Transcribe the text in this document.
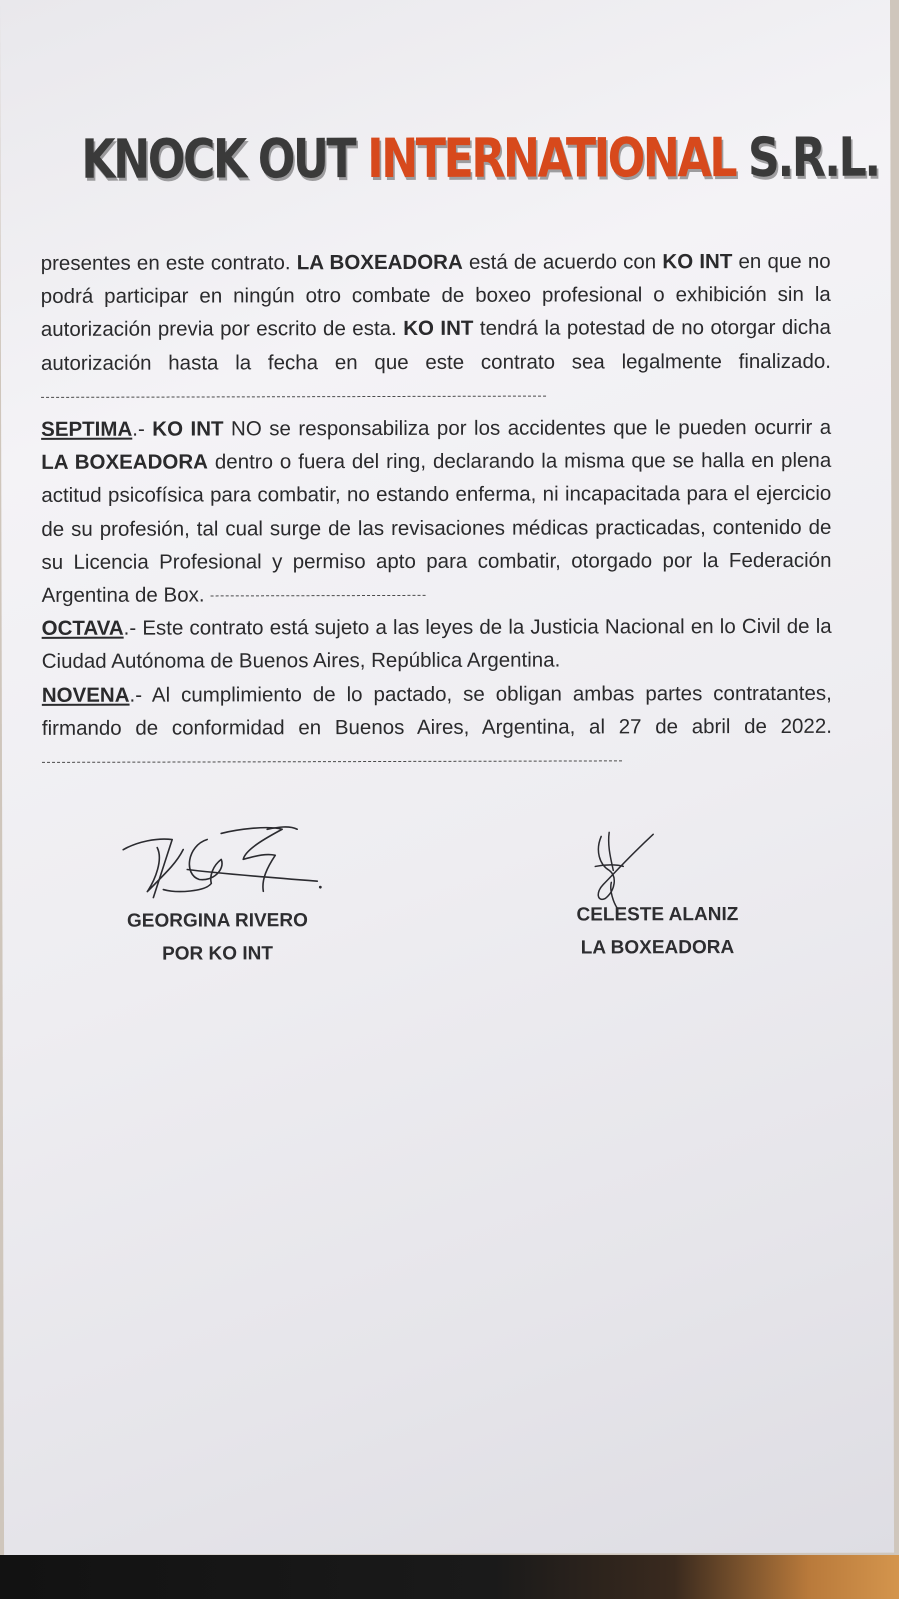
KNOCK OUT INTERNATIONAL S.R.L.

presentes en este contrato. LA BOXEADORA está de acuerdo con KO INT en que no podrá participar en ningún otro combate de boxeo profesional o exhibición sin la autorización previa por escrito de esta. KO INT tendrá la potestad de no otorgar dicha autorización hasta la fecha en que este contrato sea legalmente finalizado.

SEPTIMA.- KO INT NO se responsabiliza por los accidentes que le pueden ocurrir a LA BOXEADORA dentro o fuera del ring, declarando la misma que se halla en plena actitud psicofísica para combatir, no estando enferma, ni incapacitada para el ejercicio de su profesión, tal cual surge de las revisaciones médicas practicadas, contenido de su Licencia Profesional y permiso apto para combatir, otorgado por la Federación Argentina de Box.

OCTAVA.- Este contrato está sujeto a las leyes de la Justicia Nacional en lo Civil de la Ciudad Autónoma de Buenos Aires, República Argentina.

NOVENA.- Al cumplimiento de lo pactado, se obligan ambas partes contratantes, firmando de conformidad en Buenos Aires, Argentina, al 27 de abril de 2022.

GEORGINA RIVERO
POR KO INT
CELESTE ALANIZ
LA BOXEADORA
